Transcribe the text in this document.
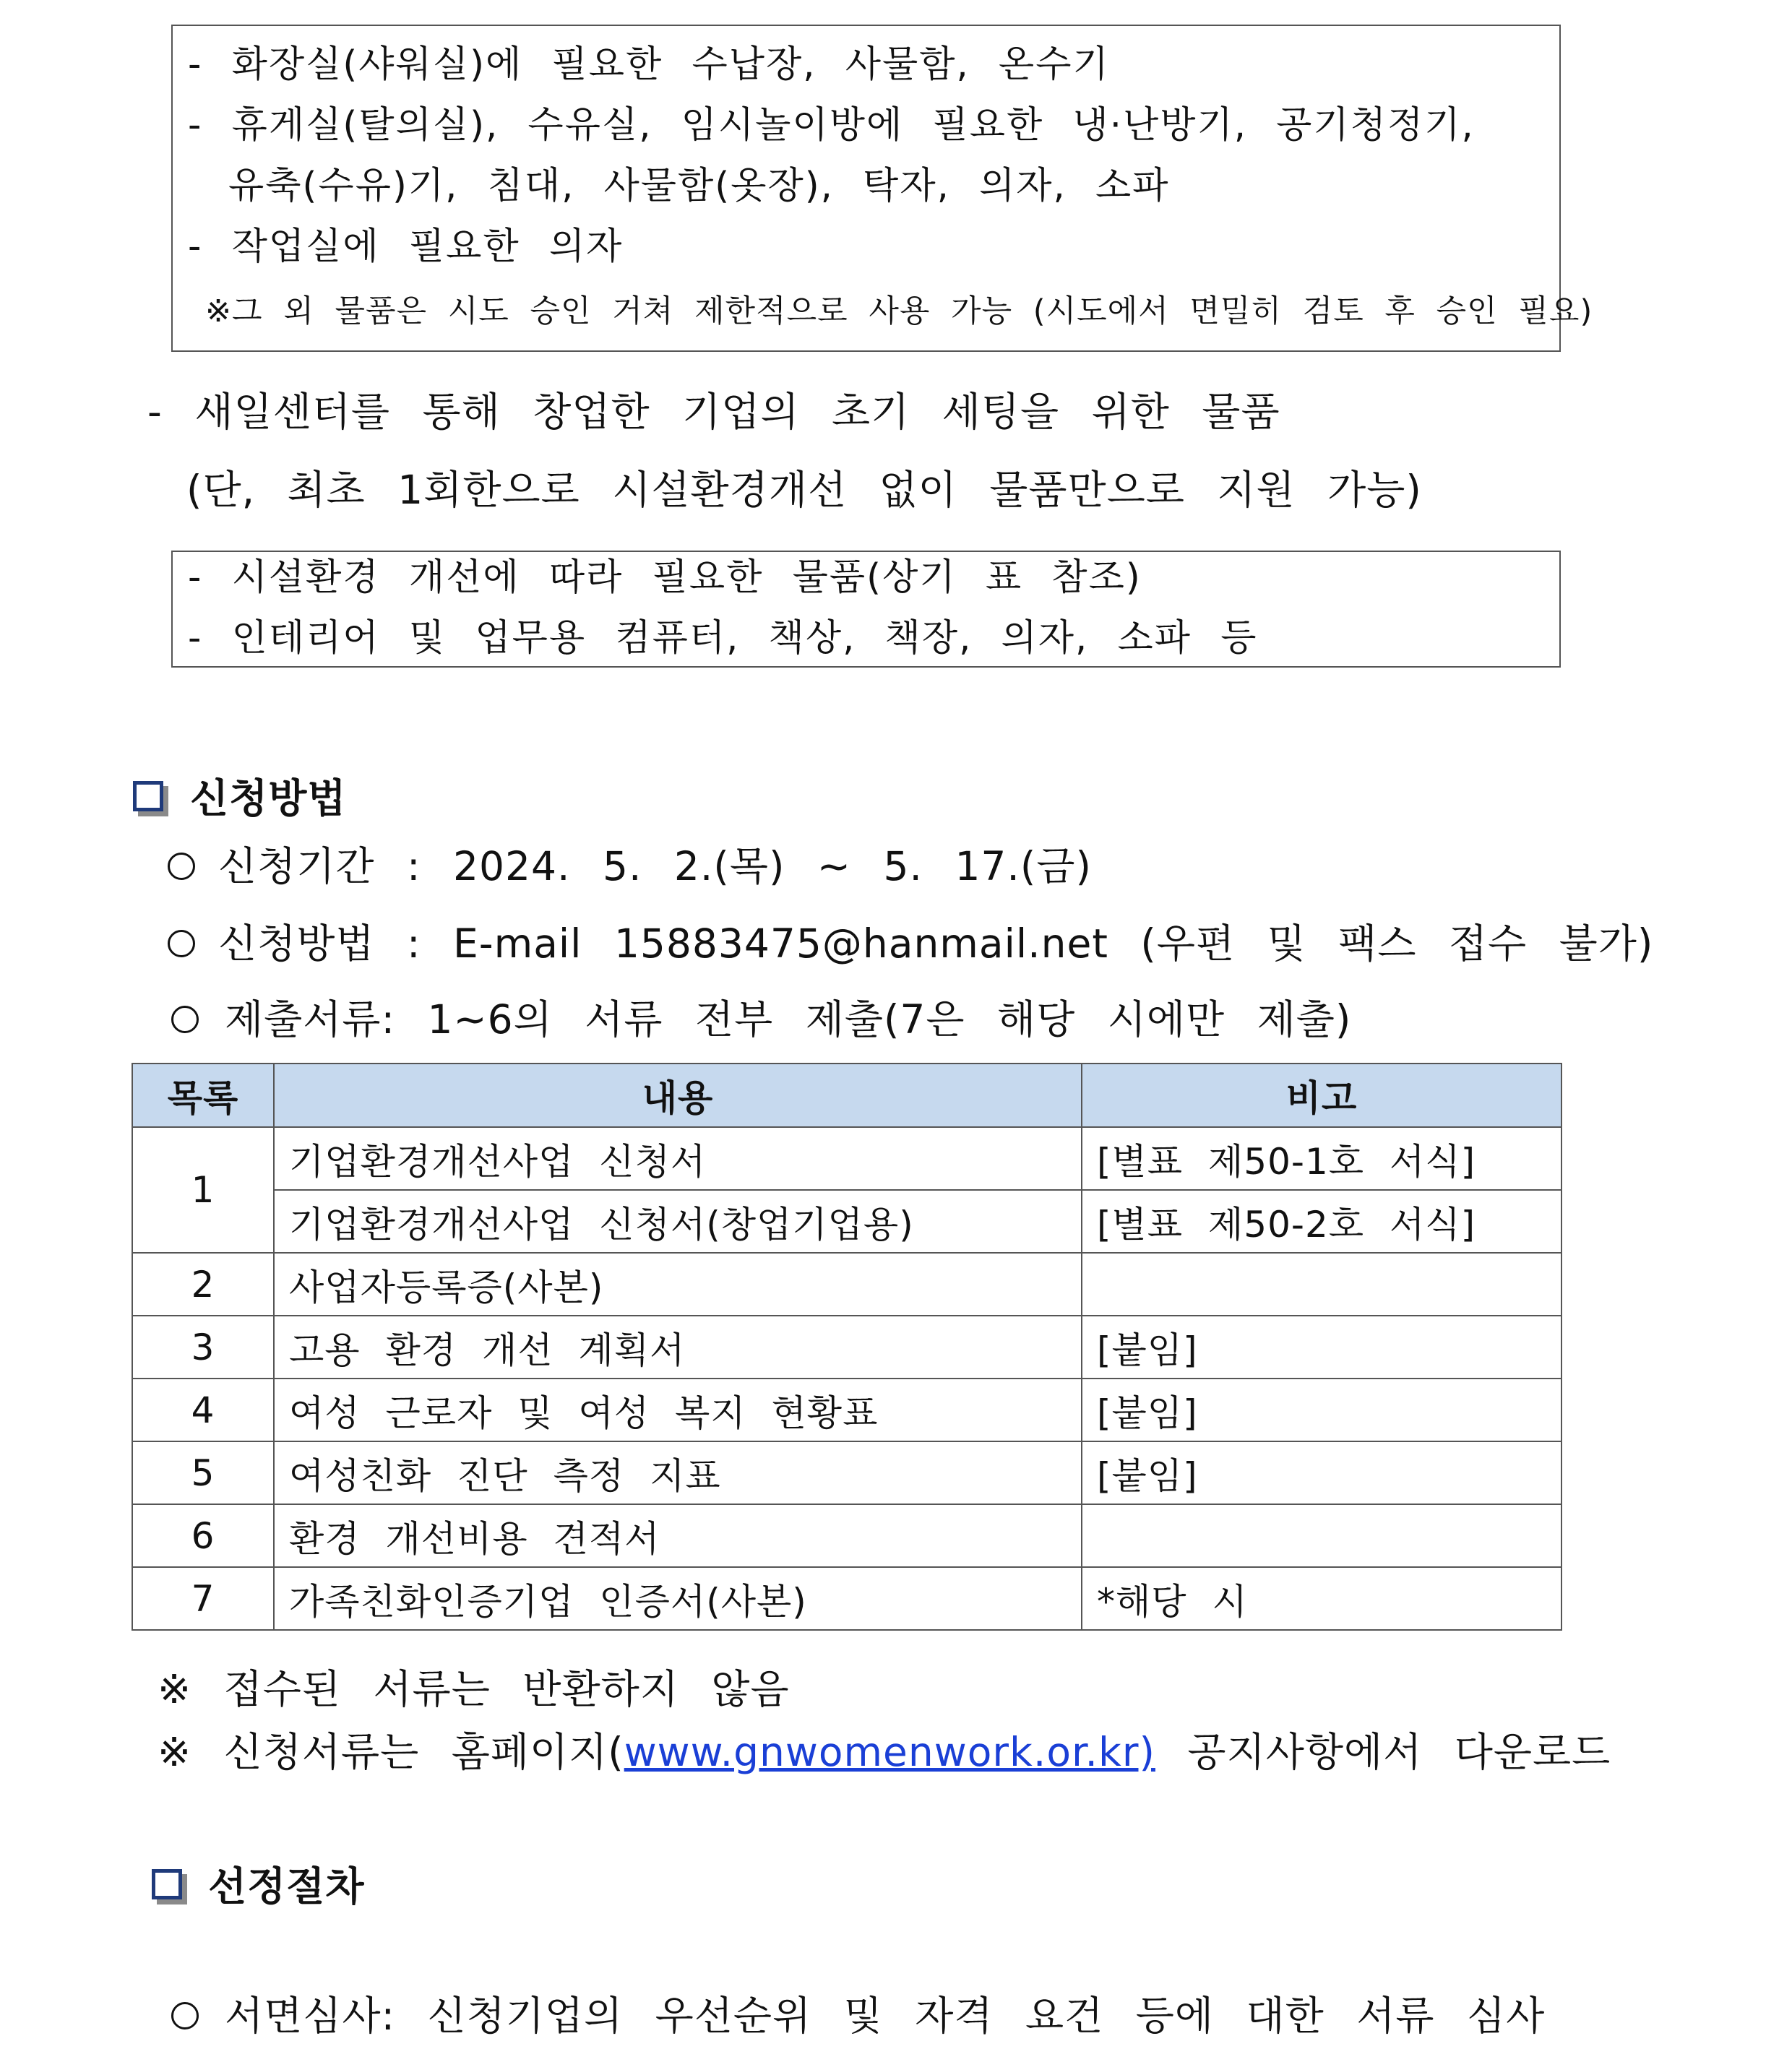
- 화장실(샤워실)에 필요한 수납장, 사물함, 온수기
- 휴게실(탈의실), 수유실, 임시놀이방에 필요한 냉·난방기, 공기청정기,
유축(수유)기, 침대, 사물함(옷장), 탁자, 의자, 소파
- 작업실에 필요한 의자
※그 외 물품은 시도 승인 거쳐 제한적으로 사용 가능 (시도에서 면밀히 검토 후 승인 필요)
- 새일센터를 통해 창업한 기업의 초기 세팅을 위한 물품
(단, 최초 1회한으로 시설환경개선 없이 물품만으로 지원 가능)
- 시설환경 개선에 따라 필요한 물품(상기 표 참조)
- 인테리어 및 업무용 컴퓨터, 책상, 책장, 의자, 소파 등
신청방법
신청기간 : 2024. 5. 2.(목) ~ 5. 17.(금)
신청방법 : E-mail 15883475@hanmail.net (우편 및 팩스 접수 불가)
제출서류: 1~6의 서류 전부 제출(7은 해당 시에만 제출)
목록	내용	비고
1	기업환경개선사업 신청서	[별표 제50-1호 서식]
	기업환경개선사업 신청서(창업기업용)	[별표 제50-2호 서식]
2	사업자등록증(사본)	
3	고용 환경 개선 계획서	[붙임]
4	여성 근로자 및 여성 복지 현황표	[붙임]
5	여성친화 진단 측정 지표	[붙임]
6	환경 개선비용 견적서	
7	가족친화인증기업 인증서(사본)	*해당 시
※ 접수된 서류는 반환하지 않음
※ 신청서류는 홈페이지(www.gnwomenwork.or.kr) 공지사항에서 다운로드
선정절차
서면심사: 신청기업의 우선순위 및 자격 요건 등에 대한 서류 심사
